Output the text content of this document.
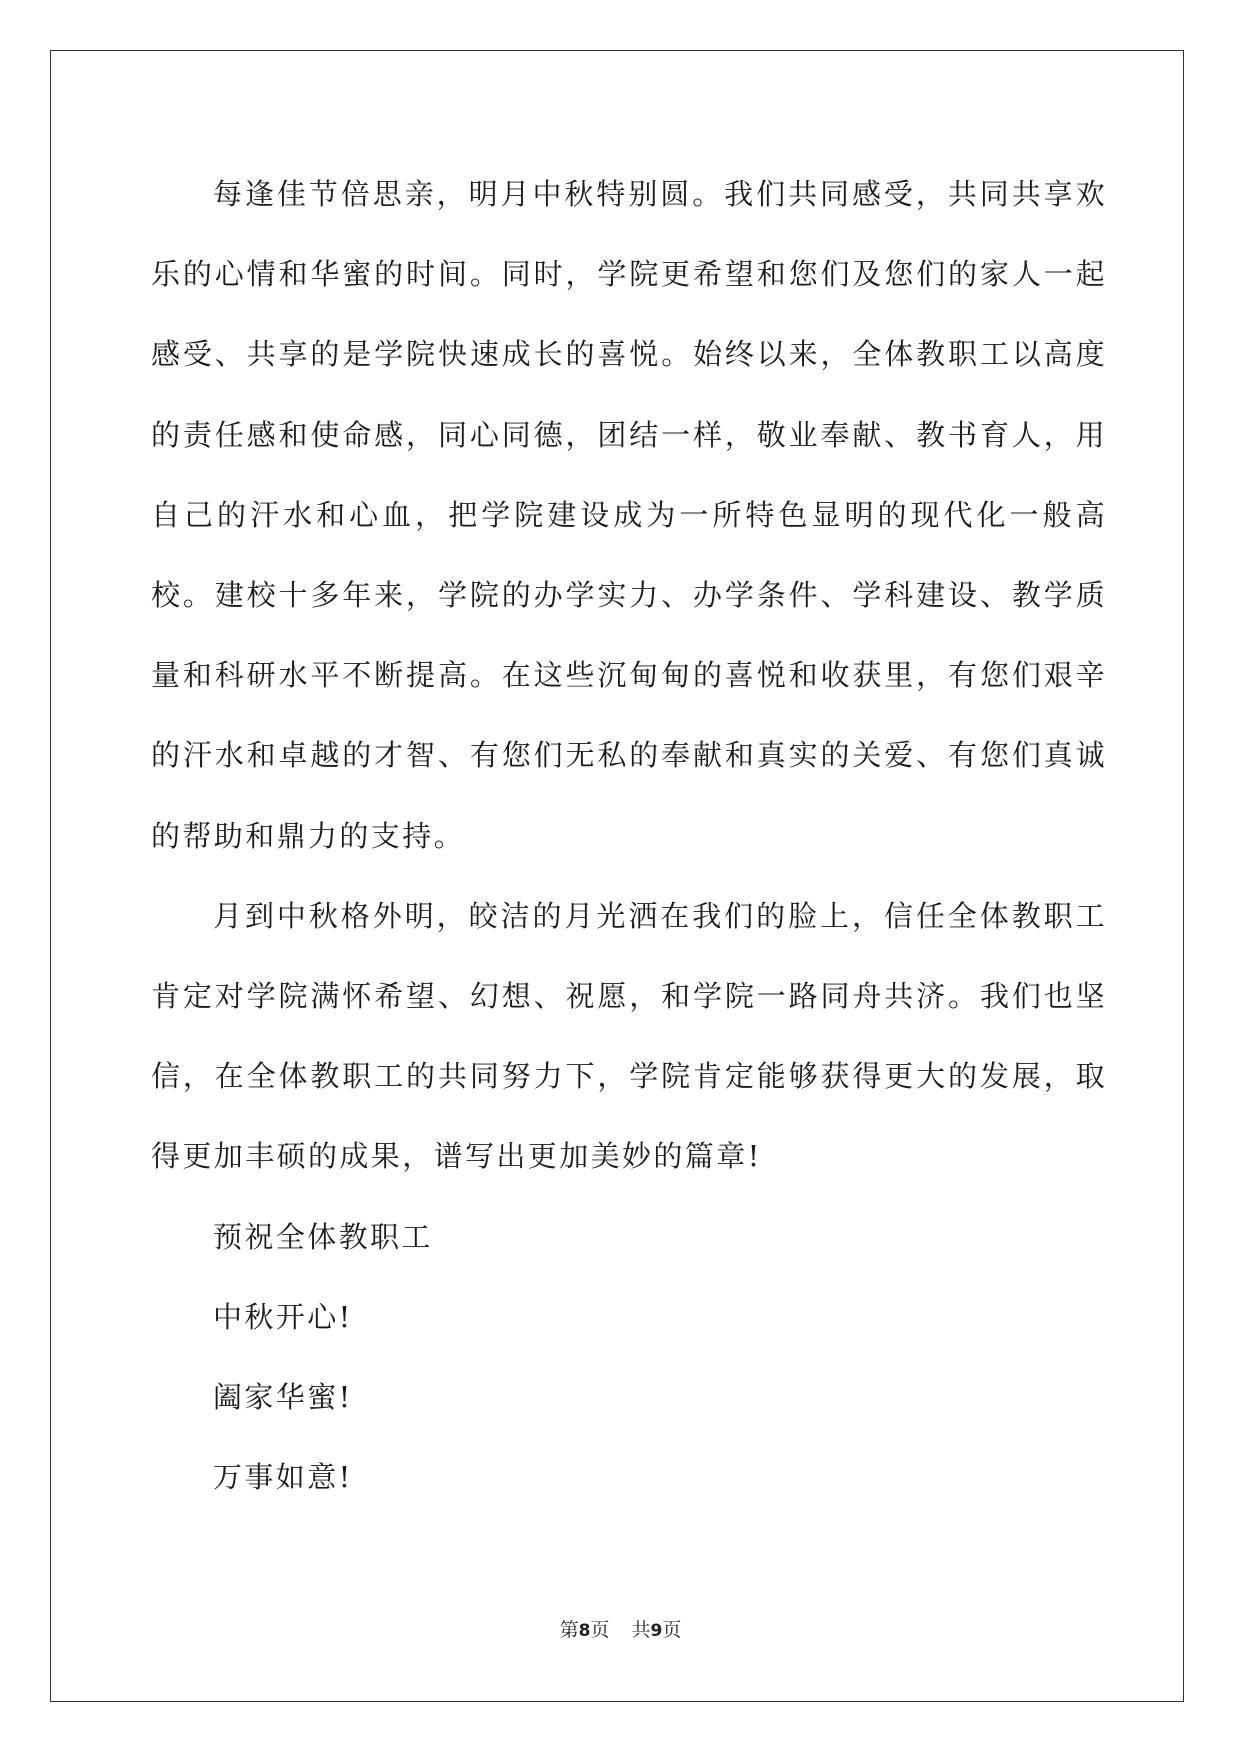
每逢佳节倍思亲，明月中秋特别圆。我们共同感受，共同共享欢乐的心情和华蜜的时间。同时，学院更希望和您们及您们的家人一起感受、共享的是学院快速成长的喜悦。始终以来，全体教职工以高度的责任感和使命感，同心同德，团结一样，敬业奉献、教书育人，用自己的汗水和心血，把学院建设成为一所特色显明的现代化一般高校。建校十多年来，学院的办学实力、办学条件、学科建设、教学质量和科研水平不断提高。在这些沉甸甸的喜悦和收获里，有您们艰辛的汗水和卓越的才智、有您们无私的奉献和真实的关爱、有您们真诚的帮助和鼎力的支持。

月到中秋格外明，皎洁的月光洒在我们的脸上，信任全体教职工肯定对学院满怀希望、幻想、祝愿，和学院一路同舟共济。我们也坚信，在全体教职工的共同努力下，学院肯定能够获得更大的发展，取得更加丰硕的成果，谱写出更加美妙的篇章!

预祝全体教职工

中秋开心!

阖家华蜜!

万事如意!

第8页 共9页
